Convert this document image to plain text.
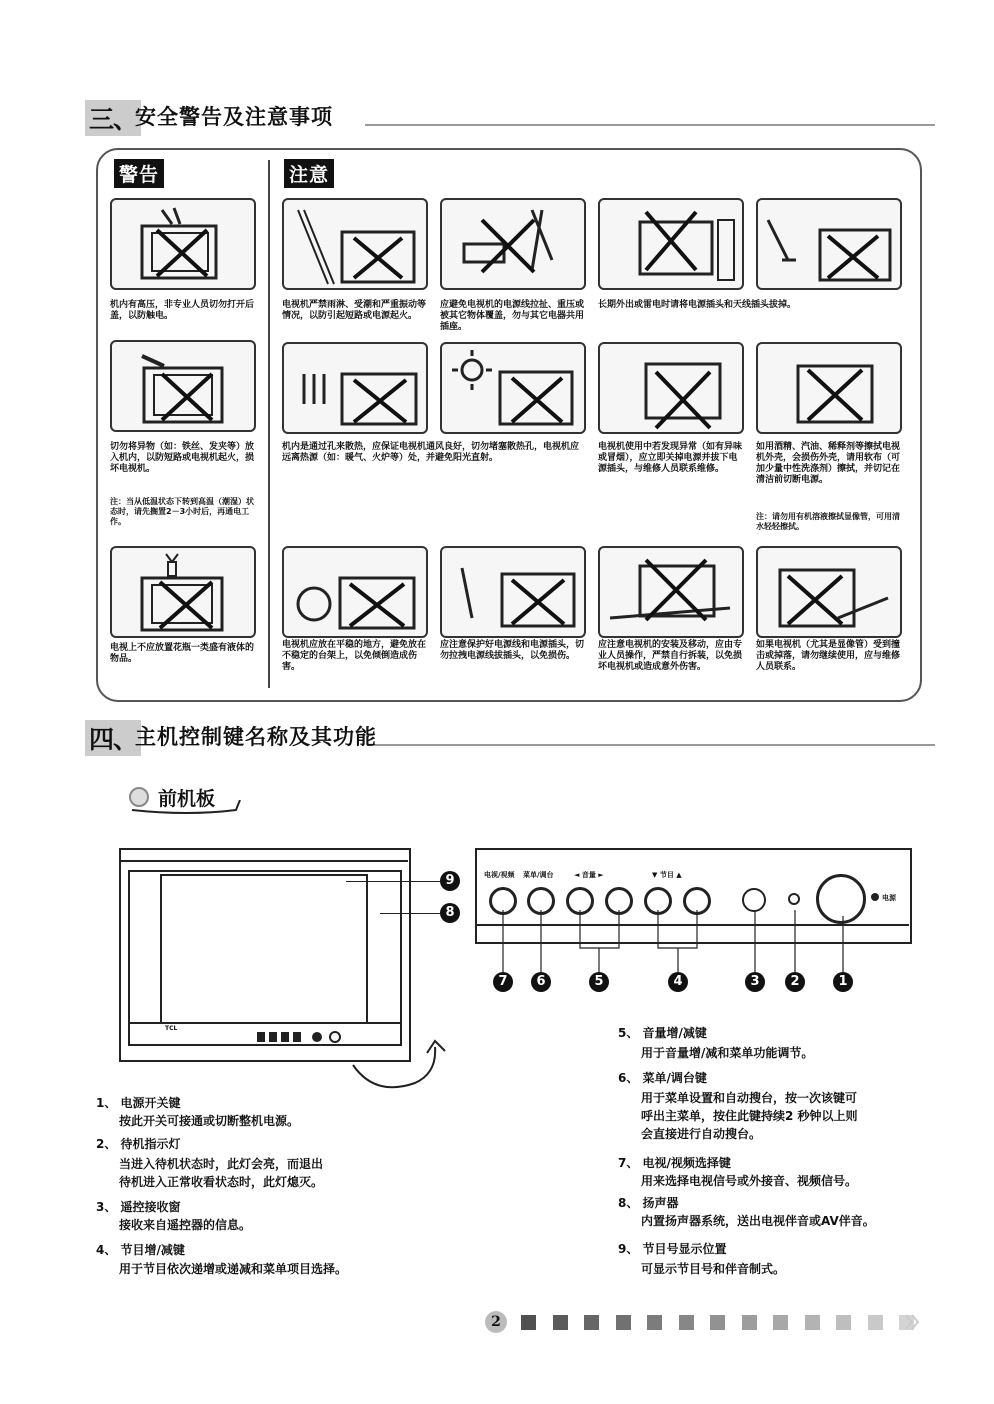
三、
安全警告及注意事项
警告	注意
机内有高压，非专业人员切勿打开后盖，以防触电。
切勿将异物（如：铁丝、发夹等）放入机内，以防短路或电视机起火，损坏电视机。
注：当从低温状态下转到高温（潮湿）状态时，请先搁置2－3小时后，再通电工作。
电视上不应放置花瓶一类盛有液体的物品。
电视机严禁雨淋、受潮和严重振动等情况，以防引起短路或电源起火。
应避免电视机的电源线拉扯、重压或被其它物体覆盖，勿与其它电器共用插座。
长期外出或雷电时请将电源插头和天线插头拔掉。
机内是通过孔来散热，应保证电视机通风良好，切勿堵塞散热孔，电视机应远离热源（如：暖气、火炉等）处，并避免阳光直射。
电视机使用中若发现异常（如有异味或冒烟），应立即关掉电源并拔下电源插头，与维修人员联系维修。
如用酒精、汽油、稀释剂等擦拭电视机外壳，会损伤外壳，请用软布（可加少量中性洗涤剂）擦拭，并切记在清洁前切断电源。
注：请勿用有机溶液擦拭显像管，可用清水轻轻擦拭。
电视机应放在平稳的地方，避免放在不稳定的台架上，以免倾倒造成伤害。
应注意保护好电源线和电源插头，切勿拉拽电源线拔插头，以免损伤。
应注意电视机的安装及移动，应由专业人员操作，严禁自行拆装，以免损坏电视机或造成意外伤害。
如果电视机（尤其是显像管）受到撞击或掉落，请勿继续使用，应与维修人员联系。
四、
主机控制键名称及其功能
前机板
TCL
9
8
电视/视频 菜单/调台	◄ 音量 ►	▼ 节目 ▲
电源
7	6	5	4	3	2	1
1、 电源开关键
按此开关可接通或切断整机电源。
2、 待机指示灯
当进入待机状态时，此灯会亮，而退出
待机进入正常收看状态时，此灯熄灭。
3、 遥控接收窗
接收来自遥控器的信息。
4、 节目增/减键
用于节目依次递增或递减和菜单项目选择。
5、 音量增/减键
用于音量增/减和菜单功能调节。
6、 菜单/调台键
用于菜单设置和自动搜台，按一次该键可
呼出主菜单，按住此键持续2 秒钟以上则
会直接进行自动搜台。
7、 电视/视频选择键
用来选择电视信号或外接音、视频信号。
8、 扬声器
内置扬声器系统，送出电视伴音或AV伴音。
9、 节目号显示位置
可显示节目号和伴音制式。
2
